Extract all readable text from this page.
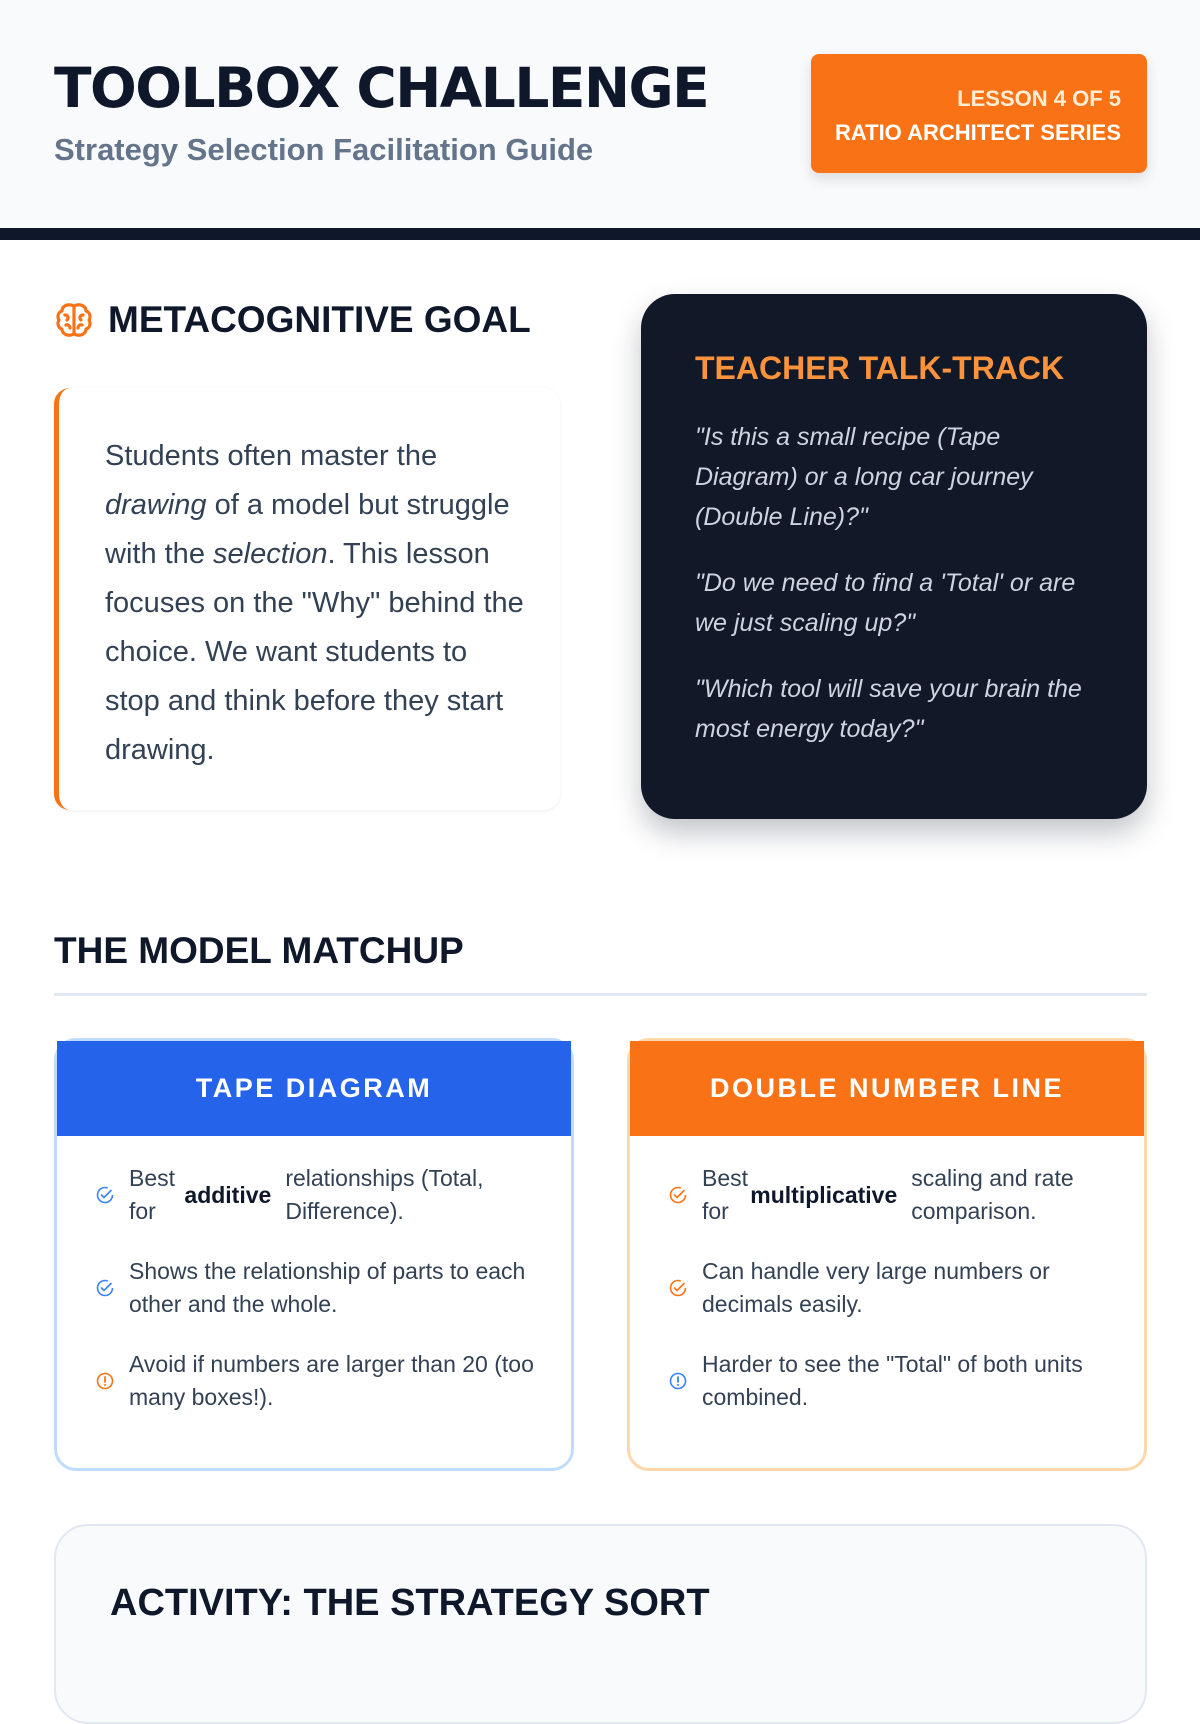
TOOLBOX CHALLENGE
Strategy Selection Facilitation Guide
LESSON 4 OF 5
RATIO ARCHITECT SERIES
METACOGNITIVE GOAL
Students often master the drawing of a model but struggle with the selection. This lesson focuses on the "Why" behind the choice. We want students to stop and think before they start drawing.
TEACHER TALK-TRACK
"Is this a small recipe (Tape Diagram) or a long car journey (Double Line)?"
"Do we need to find a 'Total' or are we just scaling up?"
"Which tool will save your brain the most energy today?"
THE MODEL MATCHUP
TAPE DIAGRAM
Best for
additive
relationships (Total, Difference).
Shows the relationship of parts to each other and the whole.
Avoid if numbers are larger than 20 (too many boxes!).
DOUBLE NUMBER LINE
Best for
multiplicative
scaling and rate comparison.
Can handle very large numbers or decimals easily.
Harder to see the "Total" of both units combined.
ACTIVITY: THE STRATEGY SORT
